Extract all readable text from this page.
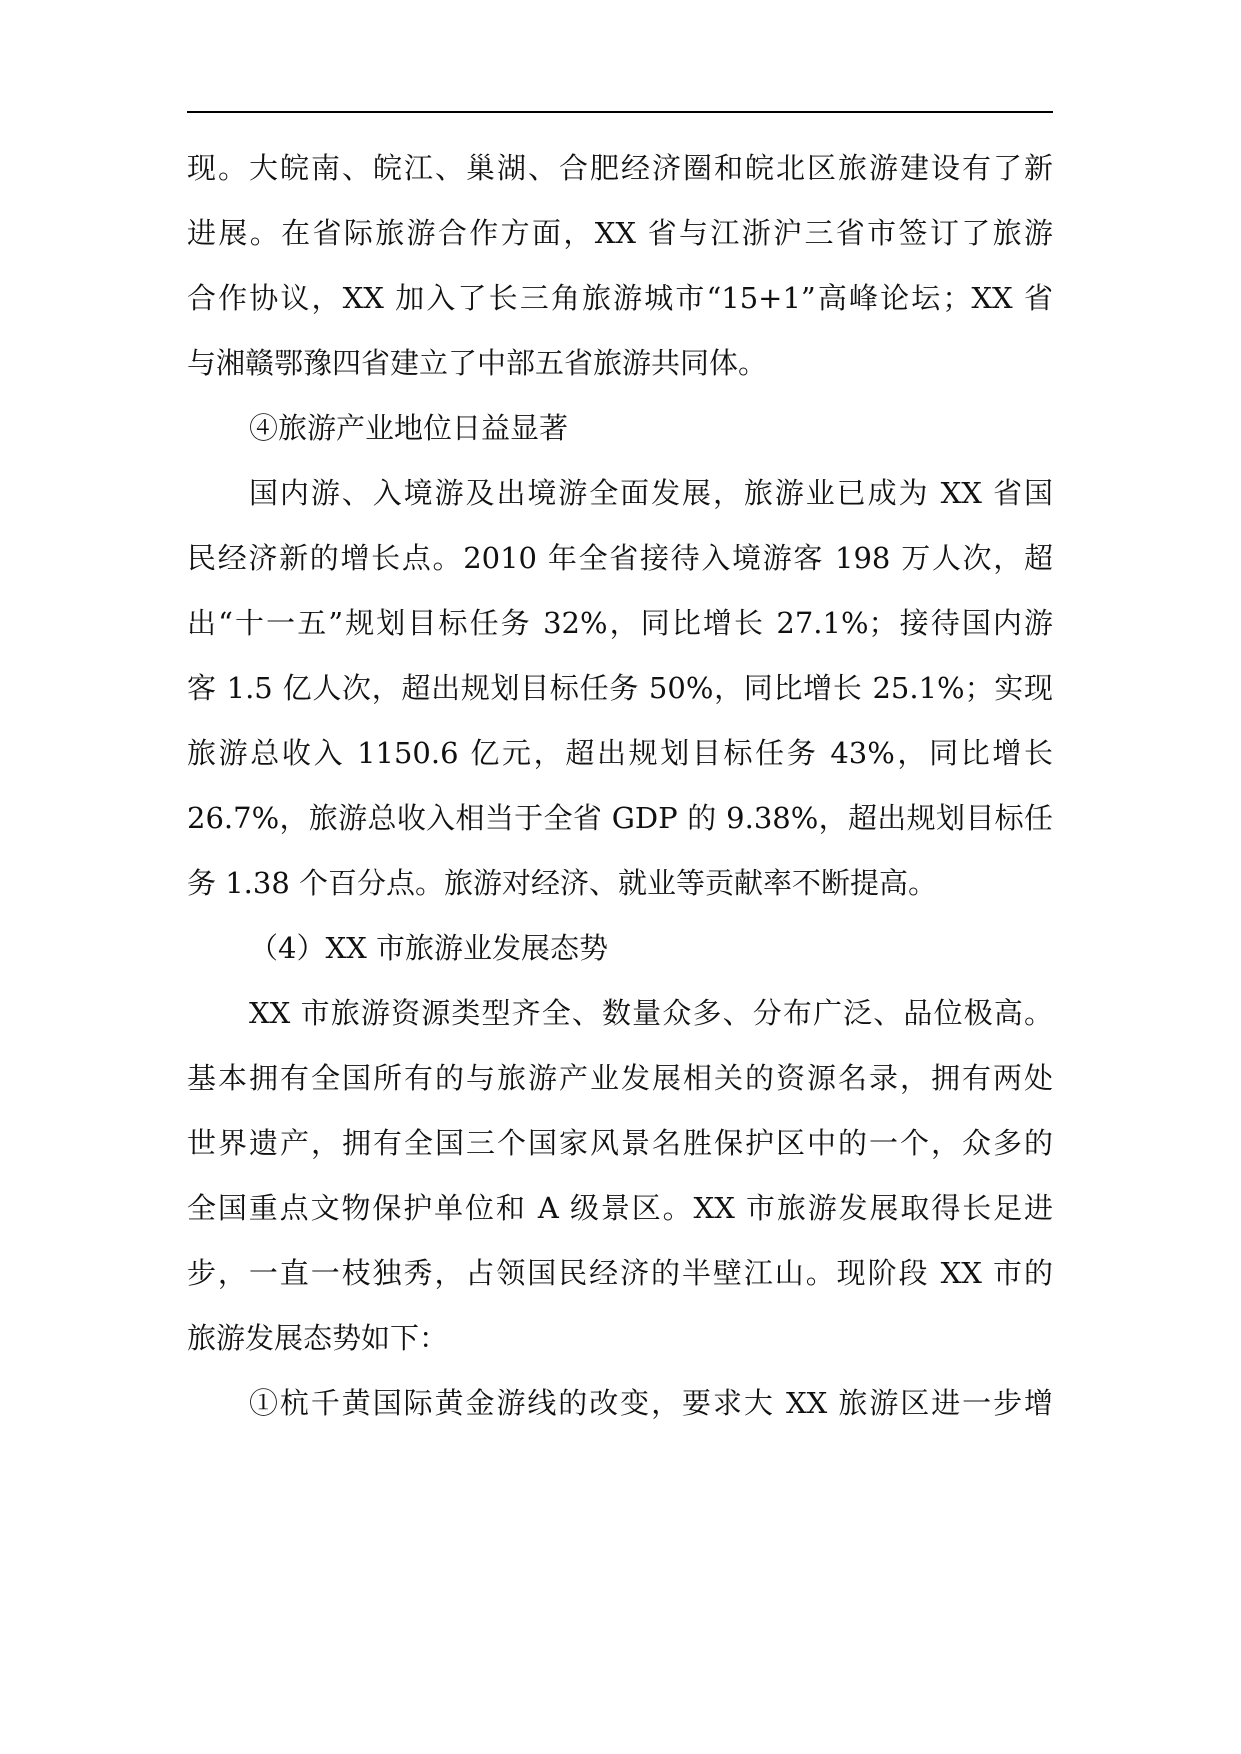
现。大皖南、皖江、巢湖、合肥经济圈和皖北区旅游建设有了新
进展。在省际旅游合作方面，XX 省与江浙沪三省市签订了旅游
合作协议，XX 加入了长三角旅游城市“15+1”高峰论坛；XX 省
与湘赣鄂豫四省建立了中部五省旅游共同体。
④旅游产业地位日益显著
国内游、入境游及出境游全面发展，旅游业已成为 XX 省国
民经济新的增长点。2010 年全省接待入境游客 198 万人次，超
出“十一五”规划目标任务 32%，同比增长 27.1%；接待国内游
客 1.5 亿人次，超出规划目标任务 50%，同比增长 25.1%；实现
旅游总收入 1150.6 亿元，超出规划目标任务 43%，同比增长
26.7%，旅游总收入相当于全省 GDP 的 9.38%，超出规划目标任
务 1.38 个百分点。旅游对经济、就业等贡献率不断提高。
（4）XX 市旅游业发展态势
XX 市旅游资源类型齐全、数量众多、分布广泛、品位极高。
基本拥有全国所有的与旅游产业发展相关的资源名录，拥有两处
世界遗产，拥有全国三个国家风景名胜保护区中的一个，众多的
全国重点文物保护单位和 A 级景区。XX 市旅游发展取得长足进
步，一直一枝独秀，占领国民经济的半壁江山。现阶段 XX 市的
旅游发展态势如下：
①杭千黄国际黄金游线的改变，要求大 XX 旅游区进一步增
